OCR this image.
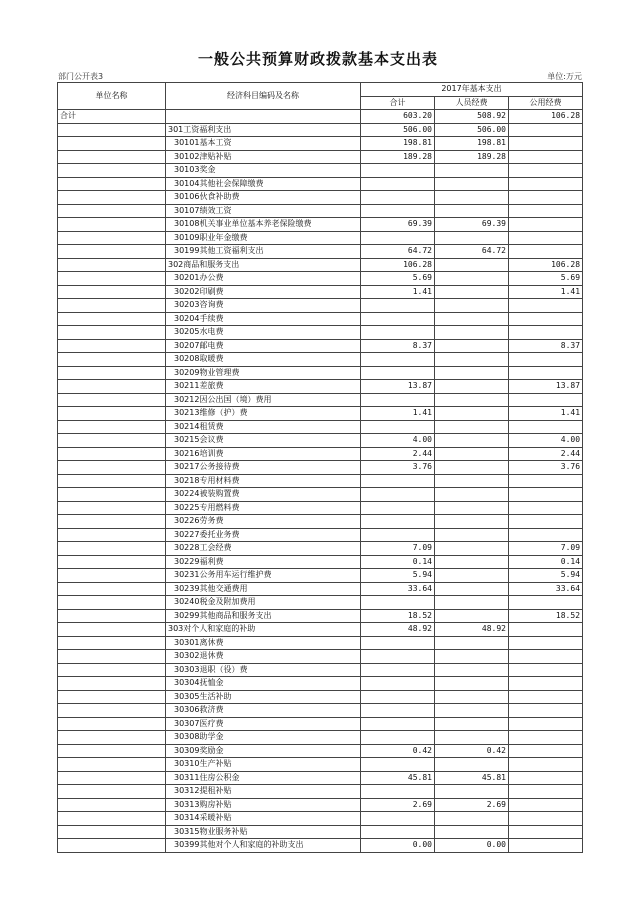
一般公共预算财政拨款基本支出表
部门公开表3	单位:万元
单位名称	经济科目编码及名称	2017年基本支出		
		合计	人员经费	公用经费
合计		603.20	508.92	106.28
	301工资福利支出	506.00	506.00	
	30101基本工资	198.81	198.81	
	30102津贴补贴	189.28	189.28	
	30103奖金			
	30104其他社会保障缴费			
	30106伙食补助费			
	30107绩效工资			
	30108机关事业单位基本养老保险缴费	69.39	69.39	
	30109职业年金缴费			
	30199其他工资福利支出	64.72	64.72	
	302商品和服务支出	106.28		106.28
	30201办公费	5.69		5.69
	30202印刷费	1.41		1.41
	30203咨询费			
	30204手续费			
	30205水电费			
	30207邮电费	8.37		8.37
	30208取暖费			
	30209物业管理费			
	30211差旅费	13.87		13.87
	30212因公出国（境）费用			
	30213维修（护）费	1.41		1.41
	30214租赁费			
	30215会议费	4.00		4.00
	30216培训费	2.44		2.44
	30217公务接待费	3.76		3.76
	30218专用材料费			
	30224被装购置费			
	30225专用燃料费			
	30226劳务费			
	30227委托业务费			
	30228工会经费	7.09		7.09
	30229福利费	0.14		0.14
	30231公务用车运行维护费	5.94		5.94
	30239其他交通费用	33.64		33.64
	30240税金及附加费用			
	30299其他商品和服务支出	18.52		18.52
	303对个人和家庭的补助	48.92	48.92	
	30301离休费			
	30302退休费			
	30303退职（役）费			
	30304抚恤金			
	30305生活补助			
	30306救济费			
	30307医疗费			
	30308助学金			
	30309奖励金	0.42	0.42	
	30310生产补贴			
	30311住房公积金	45.81	45.81	
	30312提租补贴			
	30313购房补贴	2.69	2.69	
	30314采暖补贴			
	30315物业服务补贴			
	30399其他对个人和家庭的补助支出	0.00	0.00	
